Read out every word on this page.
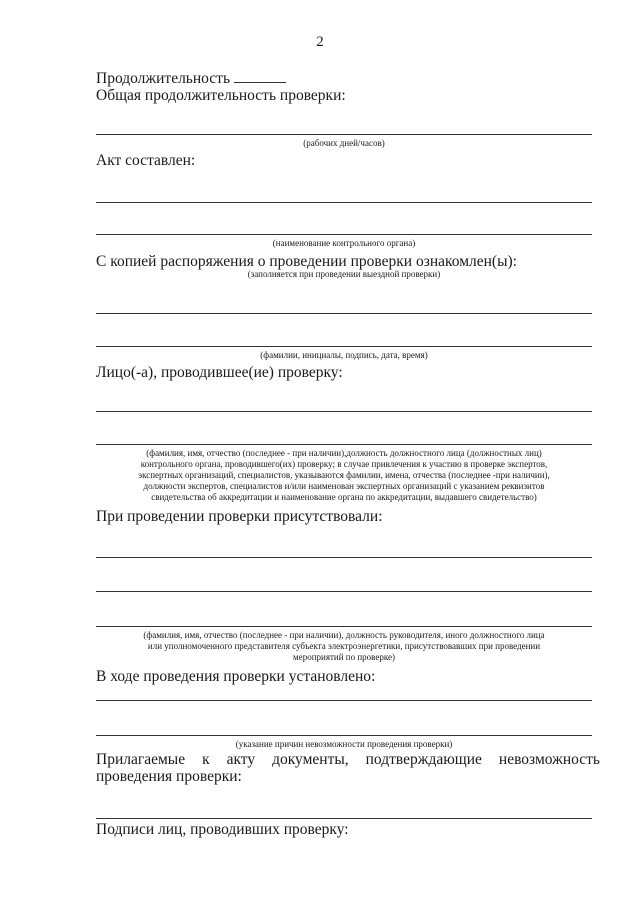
2
Продолжительность
Общая продолжительность проверки:
(рабочих дней/часов)
Акт составлен:
(наименование контрольного органа)
С копией распоряжения о проведении проверки ознакомлен(ы):
(заполняется при проведении выездной проверки)
(фамилии, инициалы, подпись, дата, время)
Лицо(-а), проводившее(ие) проверку:
(фамилия, имя, отчество (последнее - при наличии),должность должностного лица (должностных лиц)
контрольного органа, проводившего(их) проверку; в случае привлечения к участию в проверке экспертов,
экспертных организаций, специалистов, указываются фамилии, имена, отчества (последнее -при наличии),
должности экспертов, специалистов и/или наименован экспертных организаций с указанием реквизитов
свидетельства об аккредитации и наименование органа по аккредитации, выдавшего свидетельство)
При проведении проверки присутствовали:
(фамилия, имя, отчество (последнее - при наличии), должность руководителя, иного должностного лица
или уполномоченного представителя субъекта электроэнергетики, присутствовавших при проведении
мероприятий по проверке)
В ходе проведения проверки установлено:
(указание причин невозможности проведения проверки)
Прилагаемые к акту документы, подтверждающие невозможность проведения проверки:
Подписи лиц, проводивших проверку:
